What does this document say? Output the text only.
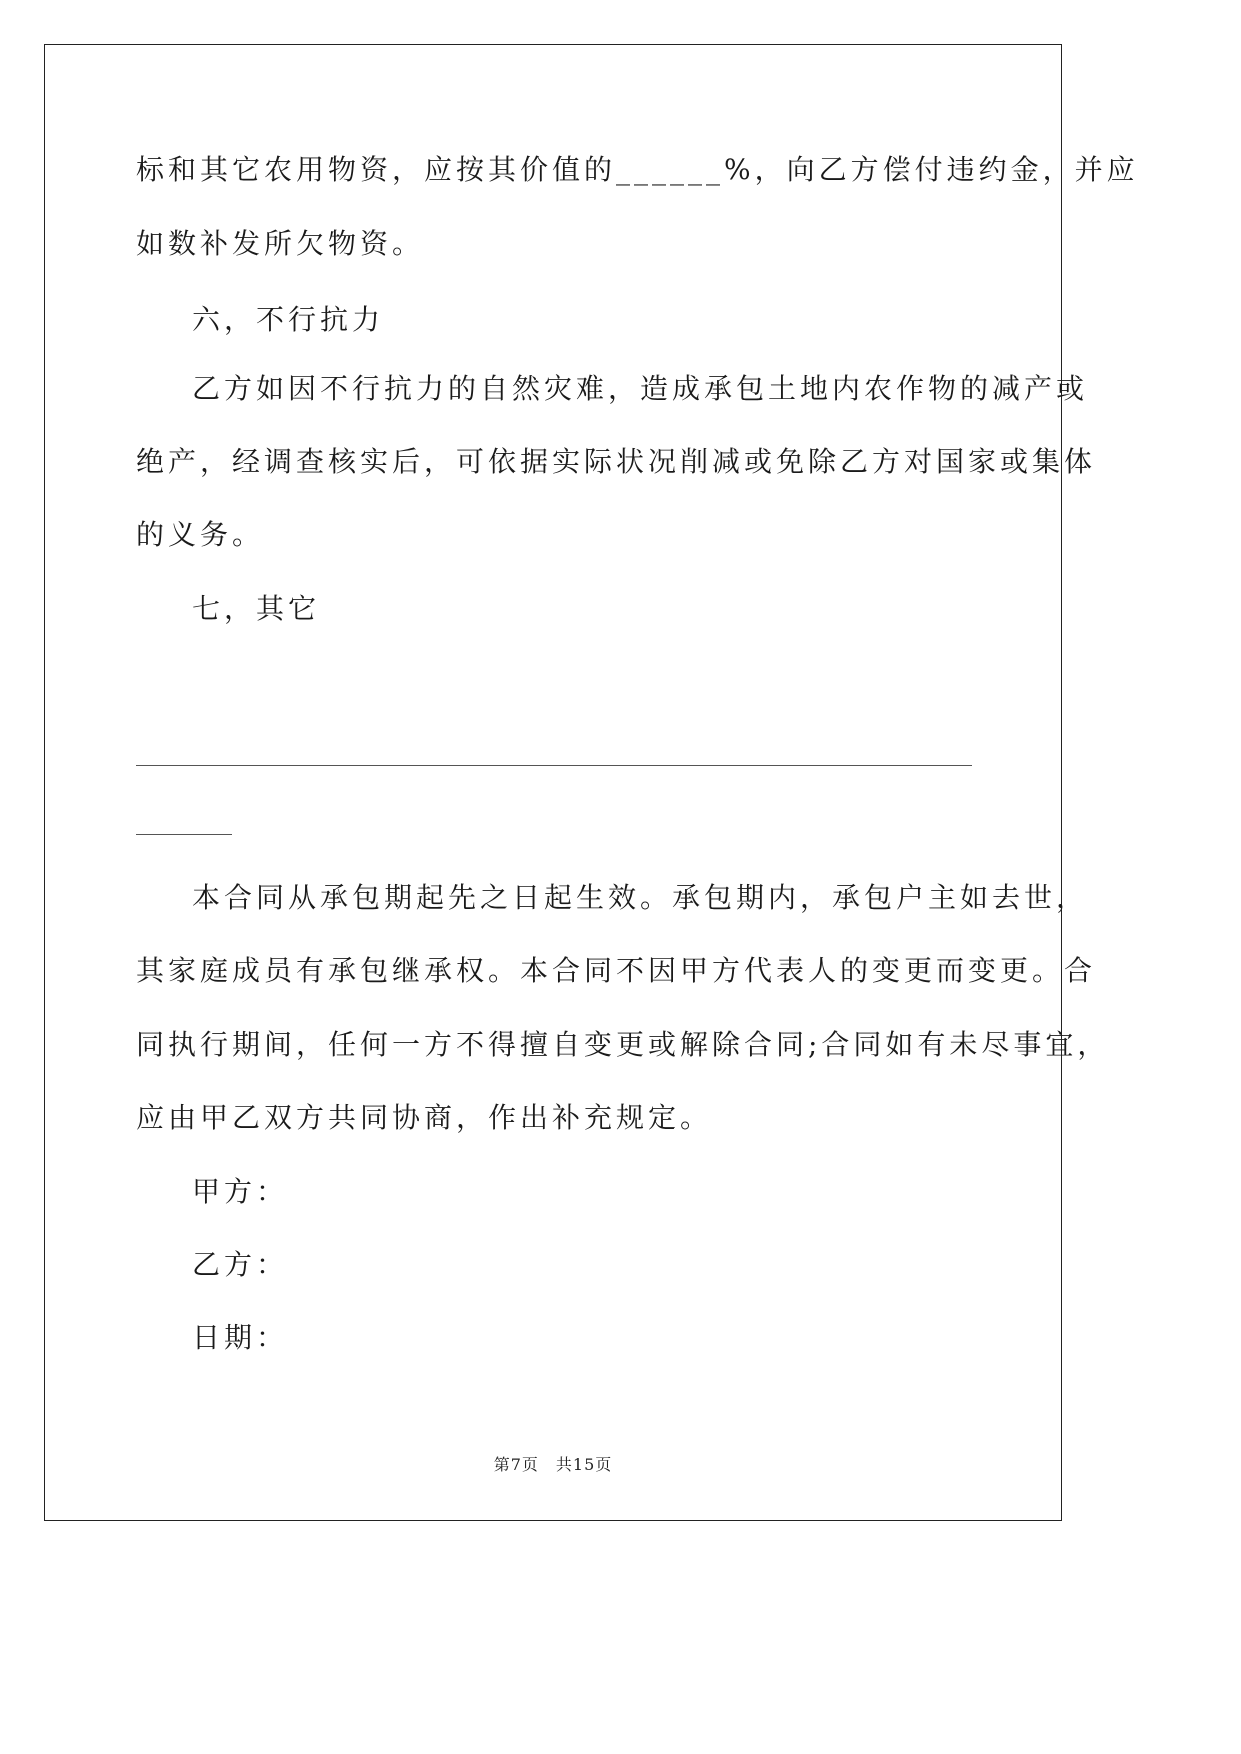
标和其它农用物资，应按其价值的______%，向乙方偿付违约金，并应
如数补发所欠物资。
六，不行抗力
乙方如因不行抗力的自然灾难，造成承包土地内农作物的减产或
绝产，经调查核实后，可依据实际状况削减或免除乙方对国家或集体
的义务。
七，其它
本合同从承包期起先之日起生效。承包期内，承包户主如去世，
其家庭成员有承包继承权。本合同不因甲方代表人的变更而变更。合
同执行期间，任何一方不得擅自变更或解除合同;合同如有未尽事宜，
应由甲乙双方共同协商，作出补充规定。
甲方：
乙方：
日期：
第7页　共15页
